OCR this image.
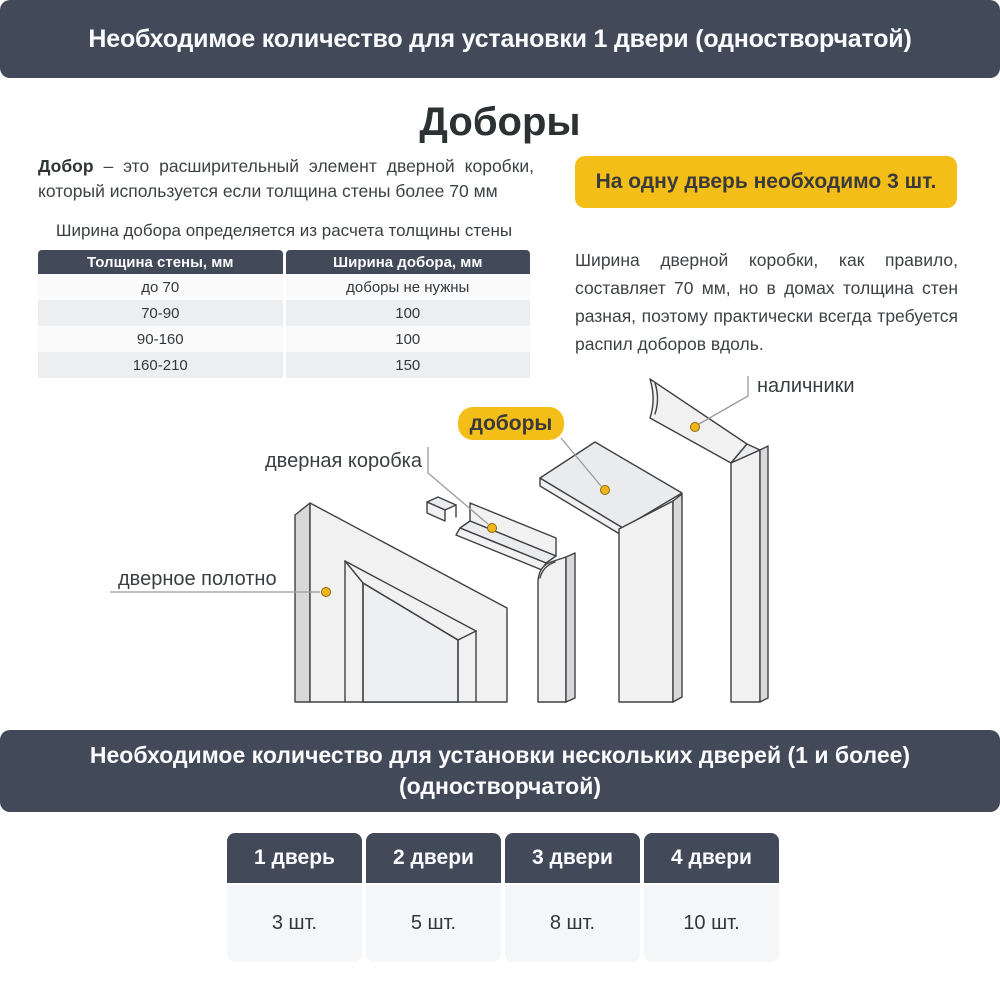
Необходимое количество для установки 1 двери (одностворчатой)
Доборы

Добор – это расширительный элемент дверной коробки, который используется если толщина стены более 70 мм

Ширина добора определяется из расчета толщины стены
Толщина стены, мм
до 70
70-90
90-160
160-210
Ширина добора, мм
доборы не нужны
100
100
150
На одну дверь необходимо 3 шт.

Ширина дверной коробки, как правило, составляет 70 мм, но в домах толщина стен разная, поэтому практически всегда требуется распил доборов вдоль.

дверное полотно
дверная коробка
доборы
наличники
Необходимое количество для установки нескольких дверей (1 и более)
(одностворчатой)
1 дверь
3 шт.
2 двери
5 шт.
3 двери
8 шт.
4 двери
10 шт.
